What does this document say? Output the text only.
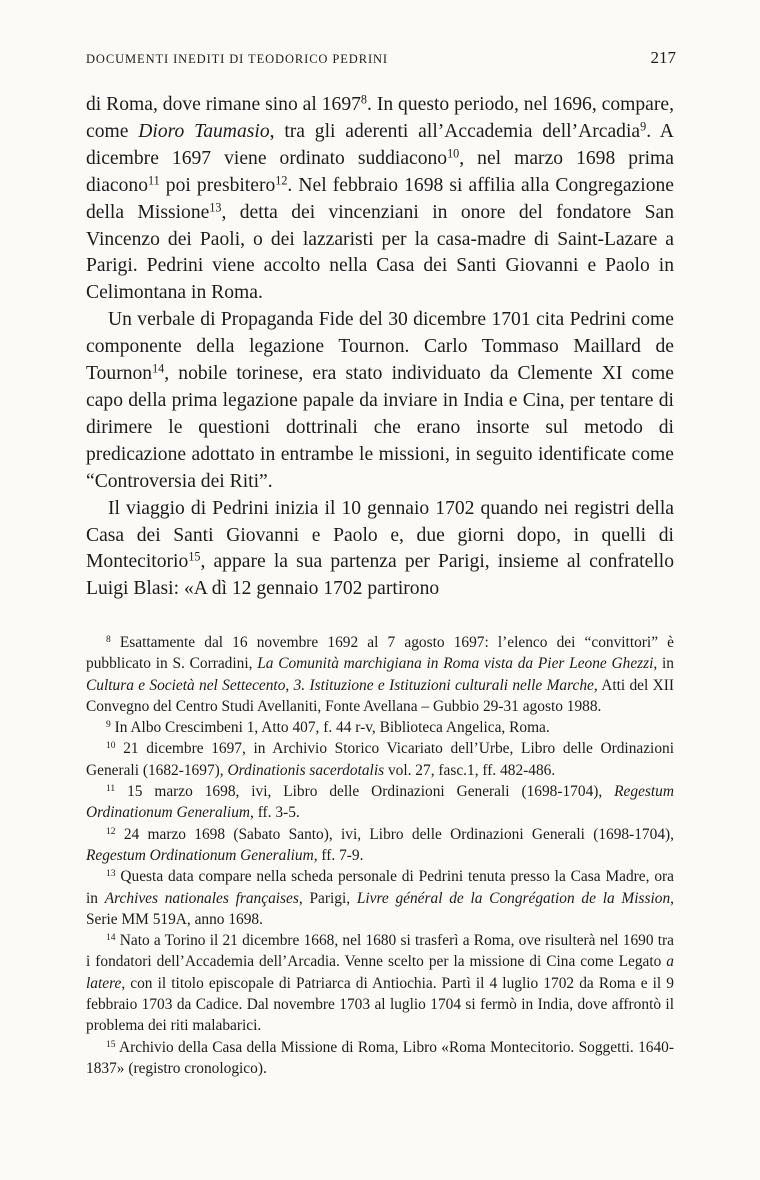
DOCUMENTI INEDITI DI TEODORICO PEDRINI	217

di Roma, dove rimane sino al 1697$^8$. In questo periodo, nel 1696, compare, come Dioro Taumasio, tra gli aderenti all’Accademia dell’Arcadia$^9$. A dicembre 1697 viene ordinato suddiacono$^{10}$, nel marzo 1698 prima diacono$^{11}$ poi presbitero$^{12}$. Nel febbraio 1698 si affilia alla Congregazione della Missione$^{13}$, detta dei vincenziani in onore del fondatore San Vincenzo dei Paoli, o dei lazzaristi per la casa-madre di Saint-Lazare a Parigi. Pedrini viene accolto nella Casa dei Santi Giovanni e Paolo in Celimontana in Roma.

Un verbale di Propaganda Fide del 30 dicembre 1701 cita Pedrini come componente della legazione Tournon. Carlo Tommaso Maillard de Tournon$^{14}$, nobile torinese, era stato individuato da Clemente XI come capo della prima legazione papale da inviare in India e Cina, per tentare di dirimere le questioni dottrinali che erano insorte sul metodo di predicazione adottato in entrambe le missioni, in seguito identificate come “Controversia dei Riti”.

Il viaggio di Pedrini inizia il 10 gennaio 1702 quando nei registri della Casa dei Santi Giovanni e Paolo e, due giorni dopo, in quelli di Montecitorio$^{15}$, appare la sua partenza per Parigi, insieme al confratello Luigi Blasi: «A dì 12 gennaio 1702 partirono

$^8$ Esattamente dal 16 novembre 1692 al 7 agosto 1697: l’elenco dei “convittori” è pubblicato in S. Corradini, La Comunità marchigiana in Roma vista da Pier Leone Ghezzi, in Cultura e Società nel Settecento, 3. Istituzione e Istituzioni culturali nelle Marche, Atti del XII Convegno del Centro Studi Avellaniti, Fonte Avellana – Gubbio 29-31 agosto 1988.

$^9$ In Albo Crescimbeni 1, Atto 407, f. 44 r-v, Biblioteca Angelica, Roma.

$^{10}$ 21 dicembre 1697, in Archivio Storico Vicariato dell’Urbe, Libro delle Ordinazioni Generali (1682-1697), Ordinationis sacerdotalis vol. 27, fasc.1, ff. 482-486.

$^{11}$ 15 marzo 1698, ivi, Libro delle Ordinazioni Generali (1698-1704), Regestum Ordinationum Generalium, ff. 3-5.

$^{12}$ 24 marzo 1698 (Sabato Santo), ivi, Libro delle Ordinazioni Generali (1698-1704), Regestum Ordinationum Generalium, ff. 7-9.

$^{13}$ Questa data compare nella scheda personale di Pedrini tenuta presso la Casa Madre, ora in Archives nationales françaises, Parigi, Livre général de la Congrégation de la Mission, Serie MM 519A, anno 1698.

$^{14}$ Nato a Torino il 21 dicembre 1668, nel 1680 si trasferì a Roma, ove risulterà nel 1690 tra i fondatori dell’Accademia dell’Arcadia. Venne scelto per la missione di Cina come Legato a latere, con il titolo episcopale di Patriarca di Antiochia. Partì il 4 luglio 1702 da Roma e il 9 febbraio 1703 da Cadice. Dal novembre 1703 al luglio 1704 si fermò in India, dove affrontò il problema dei riti malabarici.

$^{15}$ Archivio della Casa della Missione di Roma, Libro «Roma Montecitorio. Soggetti. 1640-1837» (registro cronologico).
